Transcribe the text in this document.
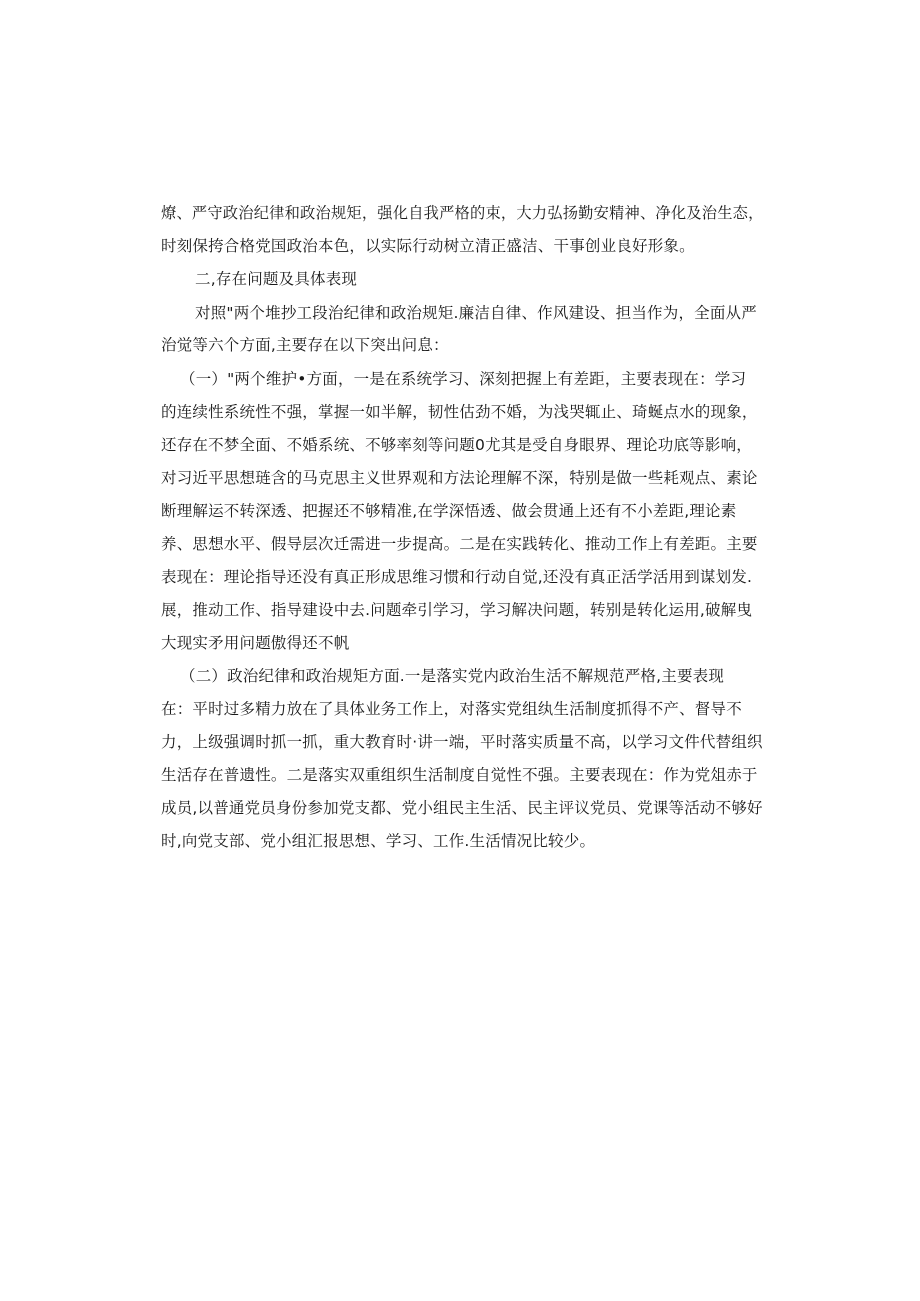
燎、严守政治纪律和政治规矩，强化自我严格的束，大力弘扬勤安精神、净化及治生态，
时刻保挎合格党国政治本色，以实际行动树立清正盛洁、干事创业良好形象。
二,存在问题及具体表现
对照"两个堆抄工段治纪律和政治规矩.廉洁自律、作风建设、担当作为，全面从严
治觉等六个方面,主要存在以下突出问息：
（一）"两个维护•方面，一是在系统学习、深刻把握上有差距，主要表现在：学习
的连续性系统性不强，掌握一如半解，韧性估劲不婚，为浅哭辄止、琦蜒点水的现象，
还存在不梦全面、不婚系统、不够率刻等问题0尤其是受自身眼界、理论功底等影响，
对习近平思想琏含的马克思主义世界观和方法论理解不深，特别是做一些耗观点、素论
断理解运不转深透、把握还不够精准,在学深悟透、做会贯通上还有不小差距,理论素
养、思想水平、假导层次迁需进一步提高。二是在实践转化、推动工作上有差距。主要
表现在：理论指导还没有真正形成思维习惯和行动自觉,还没有真正活学活用到谋划发.
展，推动工作、指导建设中去.问题牵引学习，学习解决问题，转别是转化运用,破解曳
大现实矛用问题傲得还不帆
（二）政治纪律和政治规矩方面.一是落实党内政治生活不解规范严格,主要表现
在：平时过多精力放在了具体业务工作上，对落实党组纨生活制度抓得不产、督导不
力，上级强调时抓一抓，重大教育时·讲一端，平时落实质量不高，以学习文件代替组织
生活存在普遗性。二是落实双重组织生活制度自觉性不强。主要表现在：作为党俎赤于
成员,以普通党员身份参加党支都、党小组民主生活、民主评议党员、党课等活动不够好
时,向党支部、党小组汇报思想、学习、工作.生活情况比较少。
